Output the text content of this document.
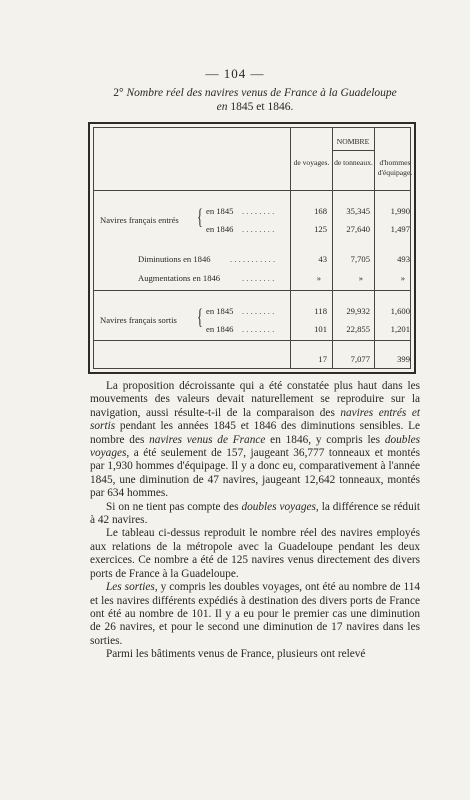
— 104 —
2° Nombre réel des navires venus de France à la Guadeloupe
en 1845 et 1846.
NOMBRE
de voyages. de tonneaux. d'hommes d'équipage.
Navires français entrés { en 1845 . . . . . . . .	168	35,345	1,990
en 1846 . . . . . . . .	125	27,640	1,497
Diminutions en 1846 . . . . . . . . . . .	43	7,705	493
Augmentations en 1846	. . . . . . . .	»	»	»
Navires français sortis { en 1845 . . . . . . . .	118	29,932	1,600
en 1846 . . . . . . . .	101	22,855	1,201
17	7,077	399

La proposition décroissante qui a été constatée plus haut dans les mouvements des valeurs devait naturellement se reproduire sur la navigation, aussi résulte-t-il de la comparaison des navires entrés et sortis pendant les années 1845 et 1846 des diminutions sensibles. Le nombre des navires venus de France en 1846, y compris les doubles voyages, a été seulement de 157, jaugeant 36,777 tonneaux et montés par 1,930 hommes d'équipage. Il y a donc eu, comparativement à l'année 1845, une diminution de 47 navires, jaugeant 12,642 tonneaux, montés par 634 hommes.

Si on ne tient pas compte des doubles voyages, la différence se réduit à 42 navires.

Le tableau ci-dessus reproduit le nombre réel des navires employés aux relations de la métropole avec la Guadeloupe pendant les deux exercices. Ce nombre a été de 125 navires venus directement des divers ports de France à la Guadeloupe.

Les sorties, y compris les doubles voyages, ont été au nombre de 114 et les navires différents expédiés à destination des divers ports de France ont été au nombre de 101. Il y a eu pour le premier cas une diminution de 26 navires, et pour le second une diminution de 17 navires dans les sorties.

Parmi les bâtiments venus de France, plusieurs ont relevé
